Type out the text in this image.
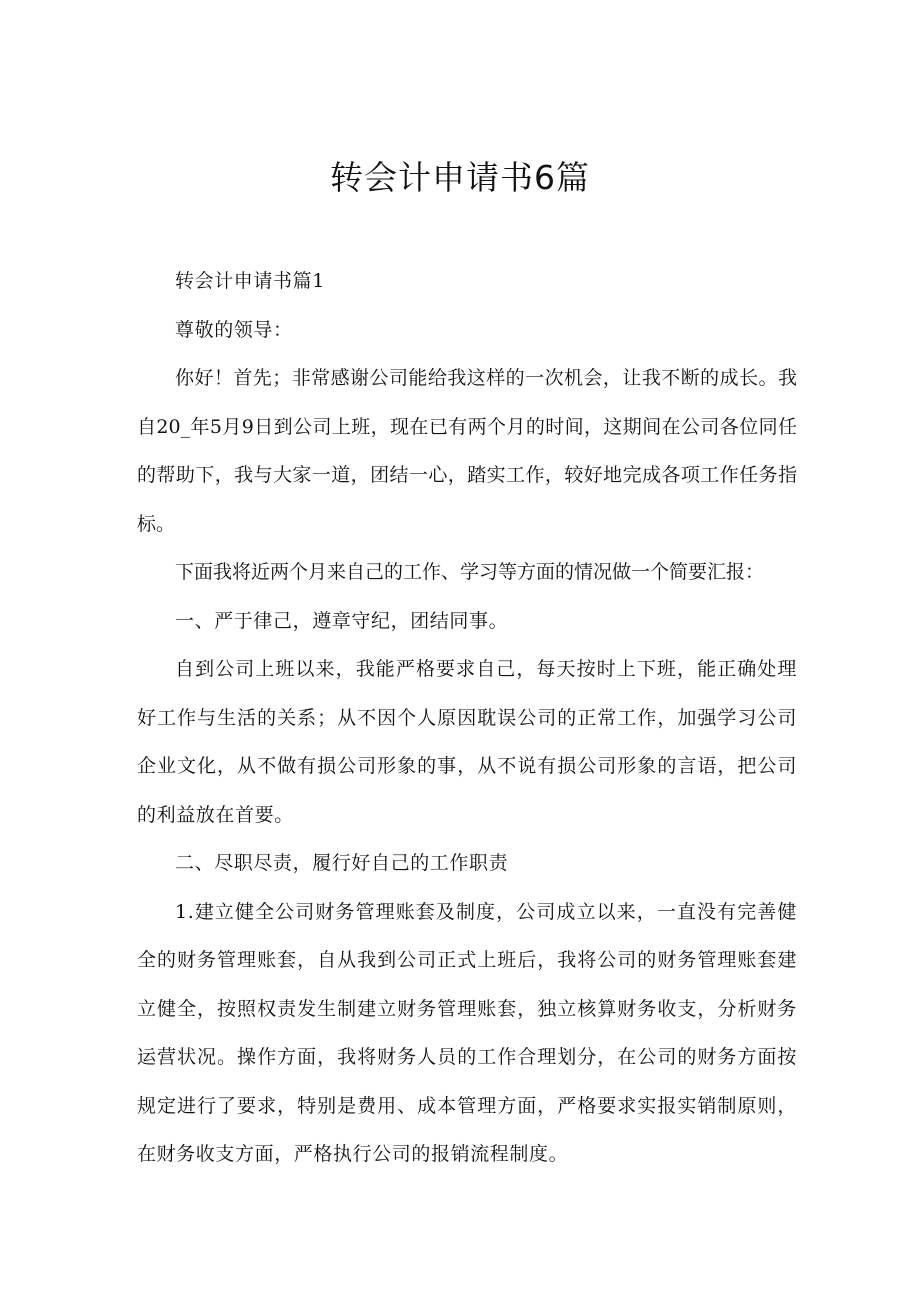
转会计申请书6篇

转会计申请书篇1

尊敬的领导：

你好！首先；非常感谢公司能给我这样的一次机会，让我不断的成长。我自20_年5月9日到公司上班，现在已有两个月的时间，这期间在公司各位同任的帮助下，我与大家一道，团结一心，踏实工作，较好地完成各项工作任务指标。

下面我将近两个月来自己的工作、学习等方面的情况做一个简要汇报：

一、严于律己，遵章守纪，团结同事。

自到公司上班以来，我能严格要求自己，每天按时上下班，能正确处理好工作与生活的关系；从不因个人原因耽误公司的正常工作，加强学习公司企业文化，从不做有损公司形象的事，从不说有损公司形象的言语，把公司的利益放在首要。

二、尽职尽责，履行好自己的工作职责

1.建立健全公司财务管理账套及制度，公司成立以来，一直没有完善健全的财务管理账套，自从我到公司正式上班后，我将公司的财务管理账套建立健全，按照权责发生制建立财务管理账套，独立核算财务收支，分析财务运营状况。操作方面，我将财务人员的工作合理划分，在公司的财务方面按规定进行了要求，特别是费用、成本管理方面，严格要求实报实销制原则，在财务收支方面，严格执行公司的报销流程制度。
